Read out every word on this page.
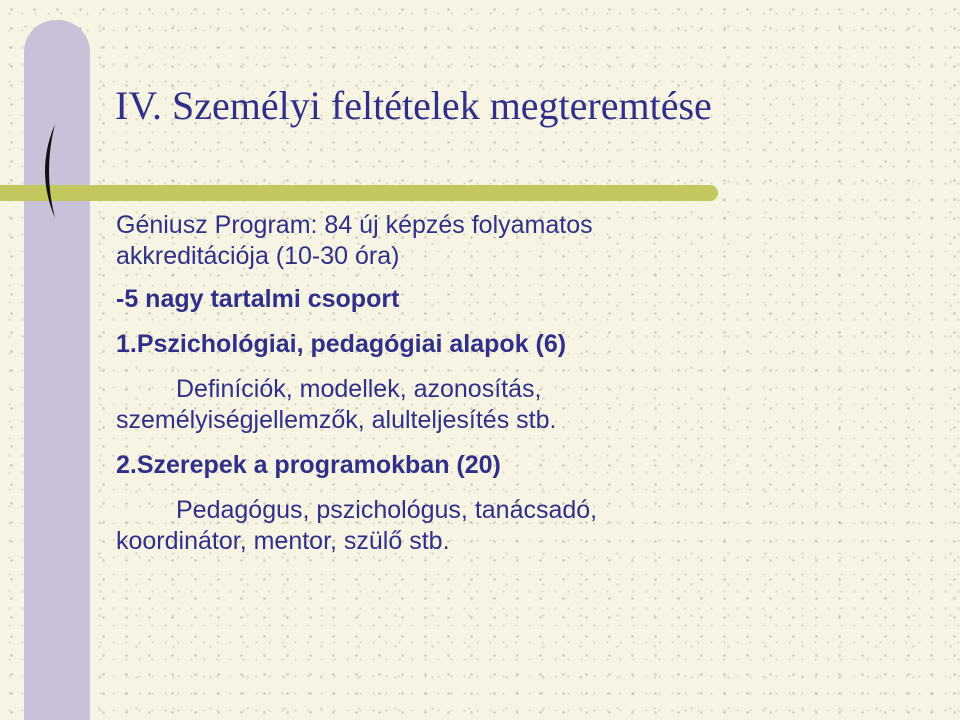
IV. Személyi feltételek megteremtése
Géniusz Program: 84 új képzés folyamatos
akkreditációja (10-30 óra)
-5 nagy tartalmi csoport
1.Pszichológiai, pedagógiai alapok (6)
Definíciók, modellek, azonosítás,
személyiségjellemzők, alulteljesítés stb.
2.Szerepek a programokban (20)
Pedagógus, pszichológus, tanácsadó,
koordinátor, mentor, szülő stb.
